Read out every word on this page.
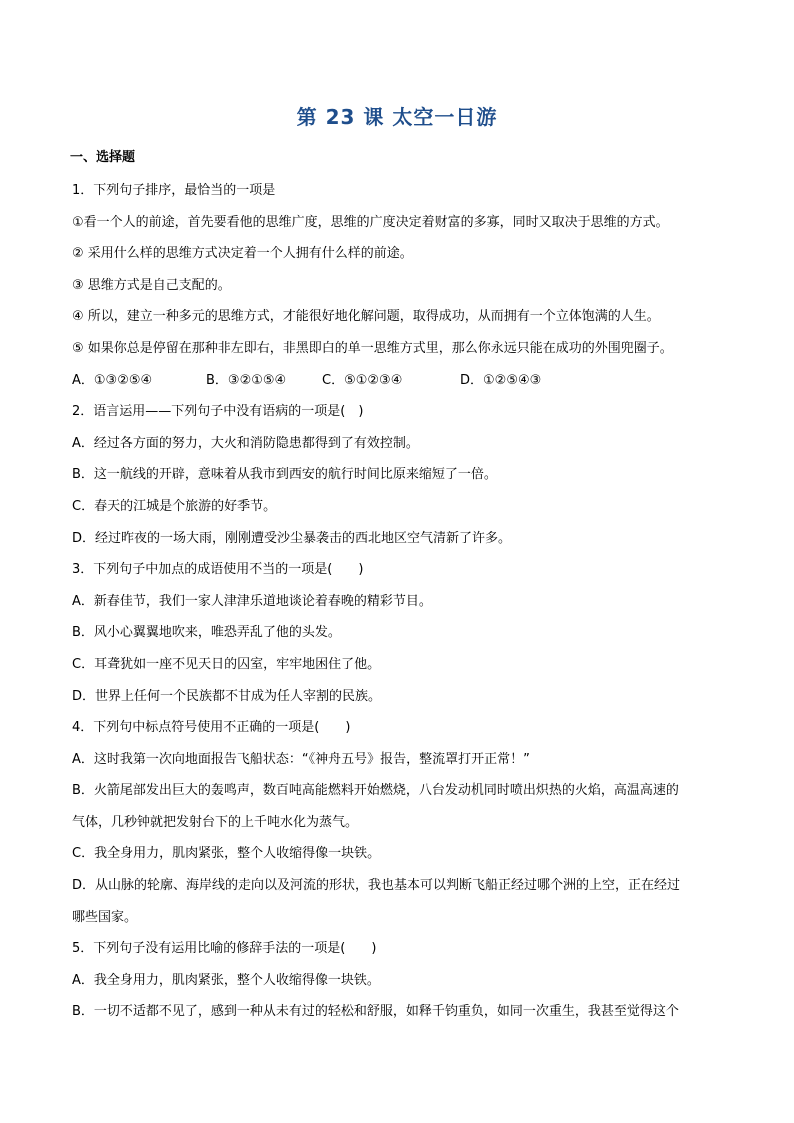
第 23 课 太空一日游
一、选择题
1．下列句子排序，最恰当的一项是
①看一个人的前途，首先要看他的思维广度，思维的广度决定着财富的多寡，同时又取决于思维的方式。
② 采用什么样的思维方式决定着一个人拥有什么样的前途。
③ 思维方式是自己支配的。
④ 所以，建立一种多元的思维方式，才能很好地化解问题，取得成功，从而拥有一个立体饱满的人生。
⑤ 如果你总是停留在那种非左即右，非黑即白的单一思维方式里，那么你永远只能在成功的外围兜圈子。
A．①③②⑤④	B．③②①⑤④	C．⑤①②③④	D．①②⑤④③
2．语言运用——下列句子中没有语病的一项是(　)
A．经过各方面的努力，大火和消防隐患都得到了有效控制。
B．这一航线的开辟，意味着从我市到西安的航行时间比原来缩短了一倍。
C．春天的江城是个旅游的好季节。
D．经过昨夜的一场大雨，刚刚遭受沙尘暴袭击的西北地区空气清新了许多。
3．下列句子中加点的成语使用不当的一项是(　　)
A．新春佳节，我们一家人津津乐道地谈论着春晚的精彩节目。
B．风小心翼翼地吹来，唯恐弄乱了他的头发。
C．耳聋犹如一座不见天日的囚室，牢牢地困住了他。
D．世界上任何一个民族都不甘成为任人宰割的民族。
4．下列句中标点符号使用不正确的一项是(　　)
A．这时我第一次向地面报告飞船状态：“《神舟五号》报告，整流罩打开正常！”
B．火箭尾部发出巨大的轰鸣声，数百吨高能燃料开始燃烧，八台发动机同时喷出炽热的火焰，高温高速的
气体，几秒钟就把发射台下的上千吨水化为蒸气。
C．我全身用力，肌肉紧张，整个人收缩得像一块铁。
D．从山脉的轮廓、海岸线的走向以及河流的形状，我也基本可以判断飞船正经过哪个洲的上空，正在经过
哪些国家。
5．下列句子没有运用比喻的修辞手法的一项是(　　)
A．我全身用力，肌肉紧张，整个人收缩得像一块铁。
B．一切不适都不见了，感到一种从未有过的轻松和舒服，如释千钧重负，如同一次重生，我甚至觉得这个
